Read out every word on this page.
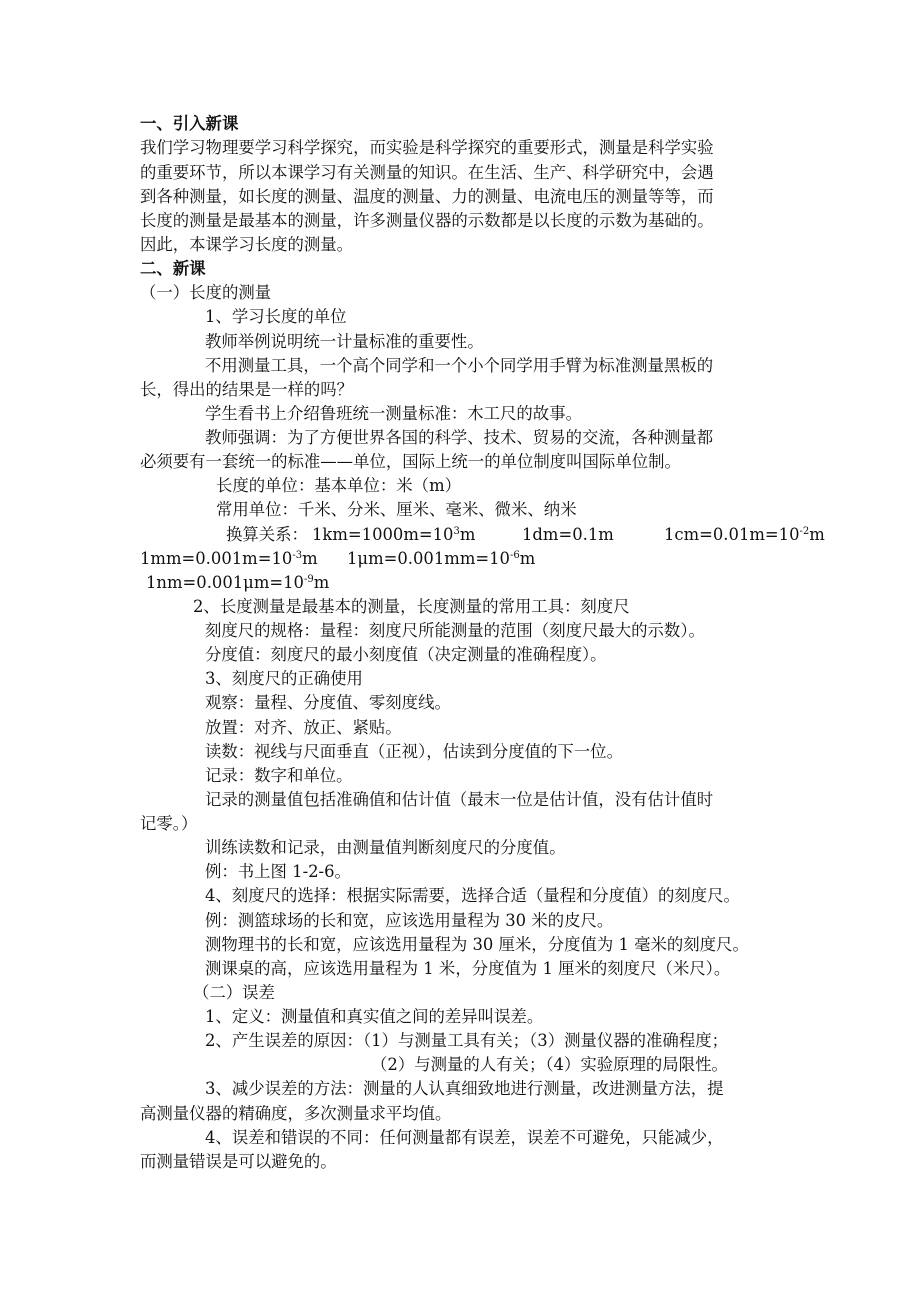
一、引入新课
我们学习物理要学习科学探究，而实验是科学探究的重要形式，测量是科学实验
的重要环节，所以本课学习有关测量的知识。在生活、生产、科学研究中，会遇
到各种测量，如长度的测量、温度的测量、力的测量、电流电压的测量等等，而
长度的测量是最基本的测量，许多测量仪器的示数都是以长度的示数为基础的。
因此，本课学习长度的测量。
二、新课
（一）长度的测量
1、学习长度的单位
教师举例说明统一计量标准的重要性。
不用测量工具，一个高个同学和一个小个同学用手臂为标准测量黑板的
长，得出的结果是一样的吗？
学生看书上介绍鲁班统一测量标准：木工尺的故事。
教师强调：为了方便世界各国的科学、技术、贸易的交流，各种测量都
必须要有一套统一的标准——单位，国际上统一的单位制度叫国际单位制。
长度的单位：基本单位：米（m）
常用单位：千米、分米、厘米、毫米、微米、纳米
换算关系： $1km=1000m=10^3m$	1dm=0.1m	$1cm=0.01m=10^{-2}m$
$1mm=0.001m=10^{-3}m$ $1\mu m=0.001mm=10^{-6}m$
$1nm=0.001\mu m=10^{-9}m$
2、长度测量是最基本的测量，长度测量的常用工具：刻度尺
刻度尺的规格：量程：刻度尺所能测量的范围（刻度尺最大的示数）。
分度值：刻度尺的最小刻度值（决定测量的准确程度）。
3、刻度尺的正确使用
观察：量程、分度值、零刻度线。
放置：对齐、放正、紧贴。
读数：视线与尺面垂直（正视），估读到分度值的下一位。
记录：数字和单位。
记录的测量值包括准确值和估计值（最末一位是估计值，没有估计值时
记零。）
训练读数和记录，由测量值判断刻度尺的分度值。
例：书上图 1-2-6。
4、刻度尺的选择：根据实际需要，选择合适（量程和分度值）的刻度尺。
例：测篮球场的长和宽，应该选用量程为 30 米的皮尺。
测物理书的长和宽，应该选用量程为 30 厘米，分度值为 1 毫米的刻度尺。
测课桌的高，应该选用量程为 1 米，分度值为 1 厘米的刻度尺（米尺）。
（二）误差
1、定义：测量值和真实值之间的差异叫误差。
2、产生误差的原因：（1）与测量工具有关；（3）测量仪器的准确程度；
（2）与测量的人有关；（4）实验原理的局限性。
3、减少误差的方法：测量的人认真细致地进行测量，改进测量方法，提
高测量仪器的精确度，多次测量求平均值。
4、误差和错误的不同：任何测量都有误差，误差不可避免，只能减少，
而测量错误是可以避免的。
